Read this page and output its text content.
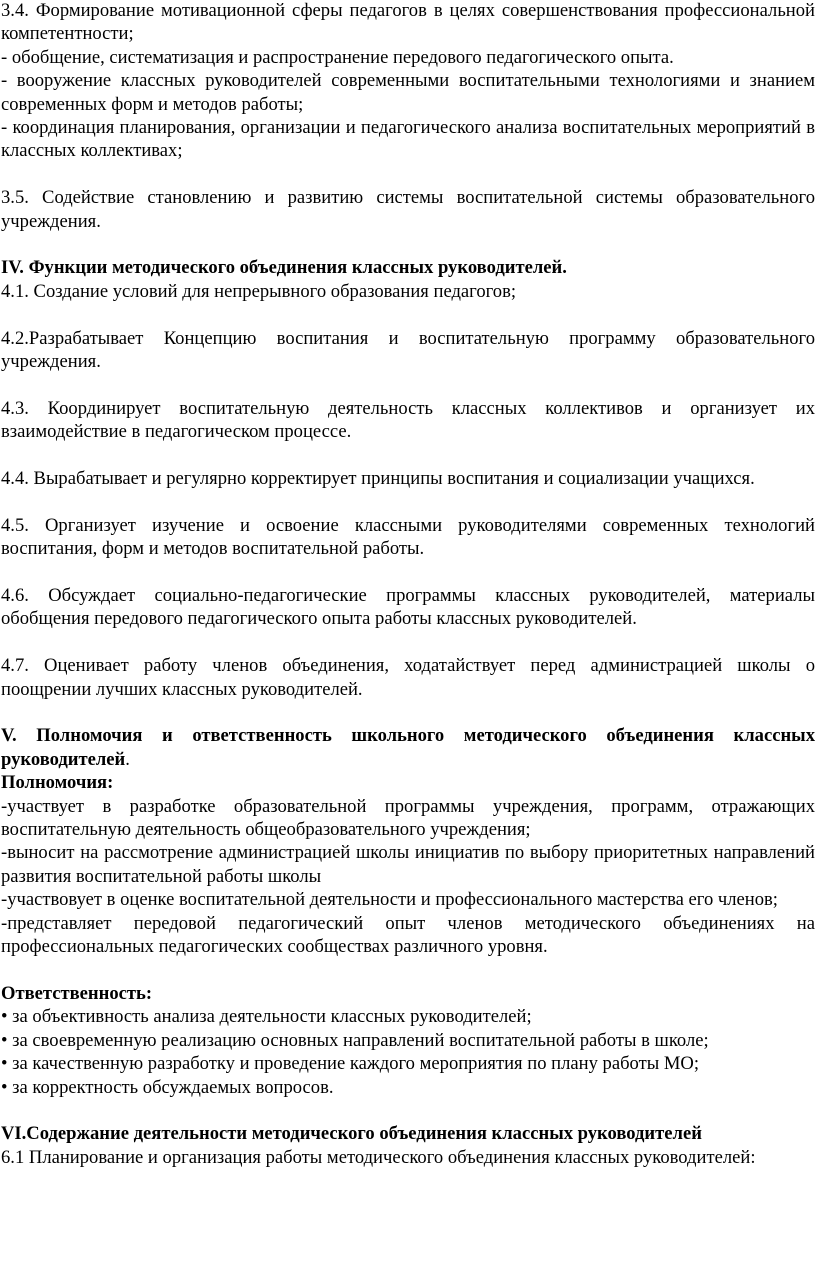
3.4. Формирование мотивационной сферы педагогов в целях совершенствования профессиональной компетентности;

- обобщение, систематизация и распространение передового педагогического опыта.

- вооружение классных руководителей современными воспитательными технологиями и знанием современных форм и методов работы;

- координация планирования, организации и педагогического анализа воспитательных мероприятий в классных коллективах;

3.5. Содействие становлению и развитию системы воспитательной системы образовательного учреждения.

IV. Функции методического объединения классных руководителей.

4.1. Создание условий для непрерывного образования педагогов;

4.2.Разрабатывает Концепцию воспитания и воспитательную программу образовательного учреждения.

4.3. Координирует воспитательную деятельность классных коллективов и организует их взаимодействие в педагогическом процессе.

4.4. Вырабатывает и регулярно корректирует принципы воспитания и социализации учащихся.

4.5. Организует изучение и освоение классными руководителями современных технологий воспитания, форм и методов воспитательной работы.

4.6. Обсуждает социально-педагогические программы классных руководителей, материалы обобщения передового педагогического опыта работы классных руководителей.

4.7. Оценивает работу членов объединения, ходатайствует перед администрацией школы о поощрении лучших классных руководителей.

V. Полномочия и ответственность школьного методического объединения классных руководителей.

Полномочия:

-участвует в разработке образовательной программы учреждения, программ, отражающих воспитательную деятельность общеобразовательного учреждения;

-выносит на рассмотрение администрацией школы инициатив по выбору приоритетных направлений развития воспитательной работы школы

-участвовует в оценке воспитательной деятельности и профессионального мастерства его членов;

-представляет передовой педагогический опыт членов методического объединениях на профессиональных педагогических сообществах различного уровня.

Ответственность:

• за объективность анализа деятельности классных руководителей;

• за своевременную реализацию основных направлений воспитательной работы в школе;

• за качественную разработку и проведение каждого мероприятия по плану работы МО;

• за корректность обсуждаемых вопросов.

VI.Содержание деятельности методического объединения классных руководителей

6.1 Планирование и организация работы методического объединения классных руководителей:
